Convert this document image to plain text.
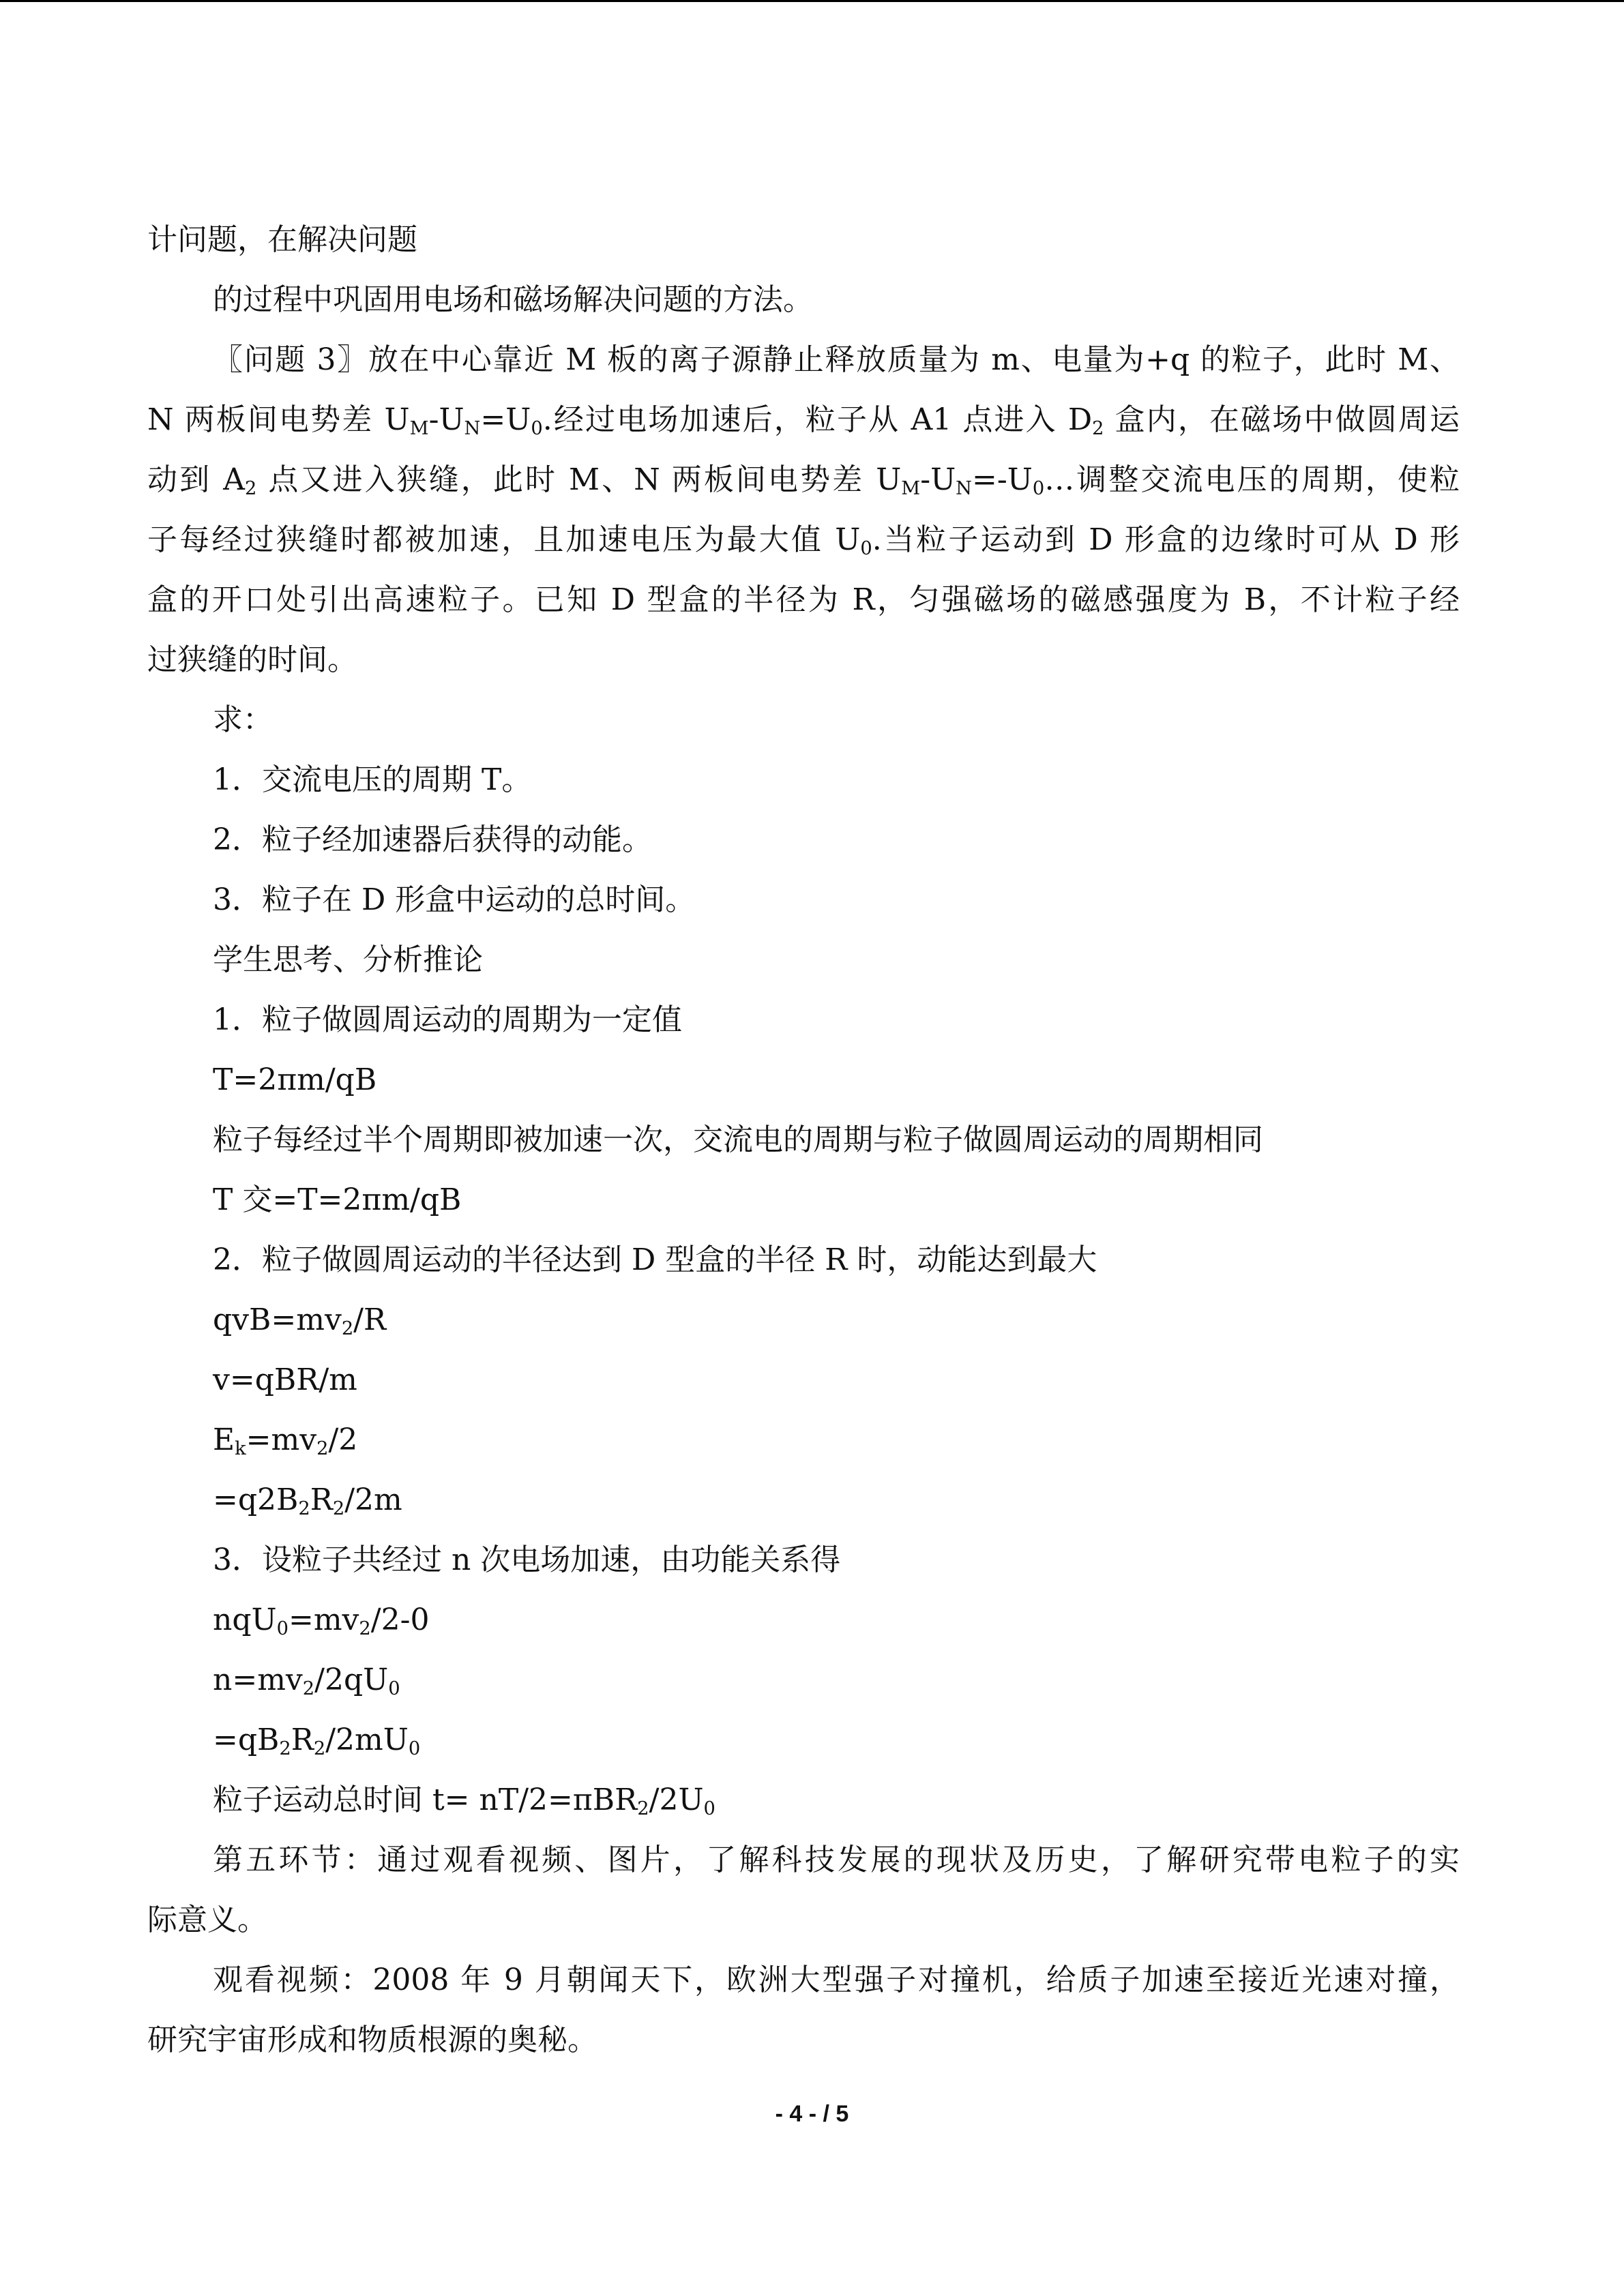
计问题，在解决问题
的过程中巩固用电场和磁场解决问题的方法。
〖问题 3〗放在中心靠近 M 板的离子源静止释放质量为 m、电量为+q 的粒子，此时 M、
N 两板间电势差 $U_M-U_N=U_0$.经过电场加速后，粒子从 A1 点进入 $D_2$ 盒内，在磁场中做圆周运
动到 $A_2$ 点又进入狭缝，此时 M、N 两板间电势差 $U_M-U_N=-U_0\dots$调整交流电压的周期，使粒
子每经过狭缝时都被加速，且加速电压为最大值 $U_0$.当粒子运动到 D 形盒的边缘时可从 D 形
盒的开口处引出高速粒子。已知 D 型盒的半径为 R，匀强磁场的磁感强度为 B，不计粒子经
过狭缝的时间。
求：
1．交流电压的周期 T。
2．粒子经加速器后获得的动能。
3．粒子在 D 形盒中运动的总时间。
学生思考、分析推论
1．粒子做圆周运动的周期为一定值
T=2πm/qB
粒子每经过半个周期即被加速一次，交流电的周期与粒子做圆周运动的周期相同
T 交=T=2πm/qB
2．粒子做圆周运动的半径达到 D 型盒的半径 R 时，动能达到最大
$qvB=mv_2/R$
v=qBR/m
$E_k=mv_2/2$
$=q2B_2R_2/2m$
3．设粒子共经过 n 次电场加速，由功能关系得
$nqU_0=mv_2/2-0$
$n=mv_2/2qU_0$
$=qB_2R_2/2mU_0$
粒子运动总时间 $t= nT/2=\pi BR_2/2U_0$
第五环节：通过观看视频、图片，了解科技发展的现状及历史，了解研究带电粒子的实
际意义。
观看视频：2008 年 9 月朝闻天下，欧洲大型强子对撞机，给质子加速至接近光速对撞，
研究宇宙形成和物质根源的奥秘。
- 4 - / 5
